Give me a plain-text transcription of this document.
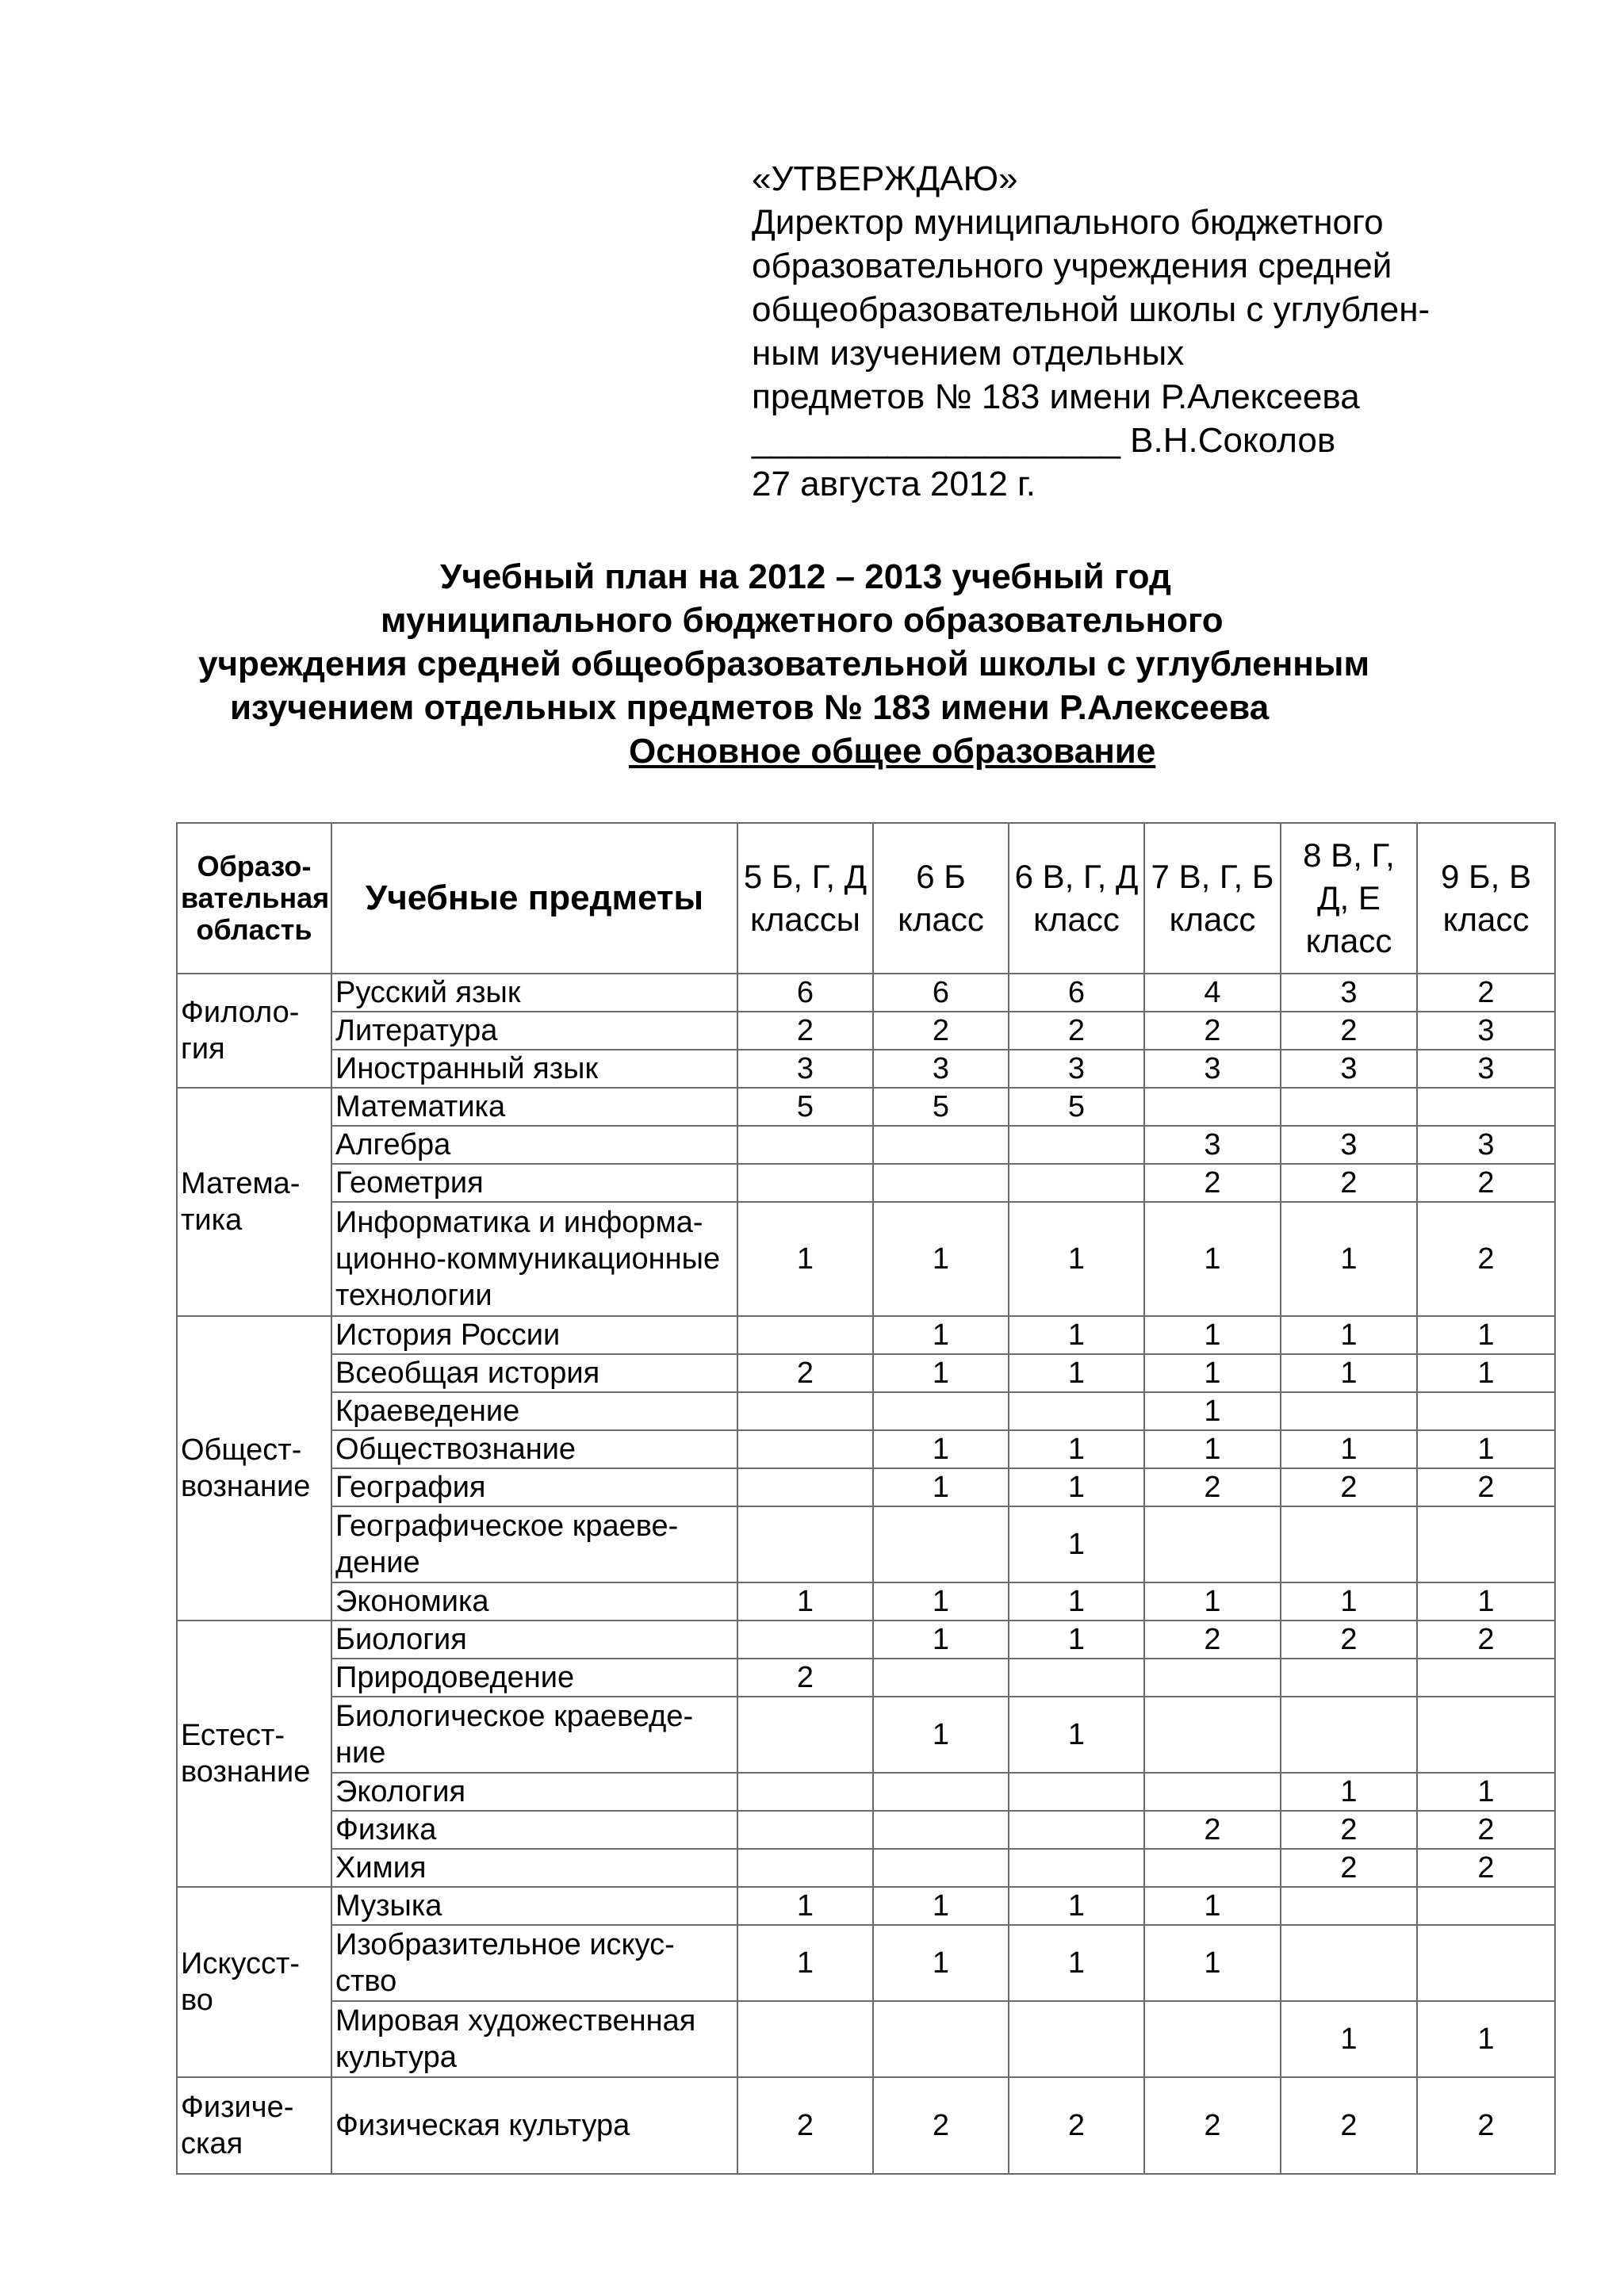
«УТВЕРЖДАЮ»
Директор муниципального бюджетного
образовательного учреждения средней
общеобразовательной школы с углублен-
ным изучением отдельных
предметов № 183 имени Р.Алексеева
___________________ В.Н.Соколов
27 августа 2012 г.
Учебный план на 2012 – 2013 учебный год
муниципального бюджетного образовательного
учреждения средней общеобразовательной школы с углубленным
изучением отдельных предметов № 183 имени Р.Алексеева
Основное общее образование
Образо-вательная область	Учебные предметы	5 Б, Г, Д классы	6 Б класс	6 В, Г, Д класс	7 В, Г, Б класс	8 В, Г, Д, Е класс	9 Б, В класс
Филоло-гия	Русский язык	6	6	6	4	3	2
	Литература	2	2	2	2	2	3
	Иностранный язык	3	3	3	3	3	3
Матема-тика	Математика	5	5	5			
	Алгебра				3	3	3
	Геометрия				2	2	2
	Информатика и информа-ционно-коммуникационные технологии	1	1	1	1	1	2
Общест-вознание	История России		1	1	1	1	1
	Всеобщая история	2	1	1	1	1	1
	Краеведение				1		
	Обществознание		1	1	1	1	1
	География		1	1	2	2	2
	Географическое краеве-дение			1			
	Экономика	1	1	1	1	1	1
Естест-вознание	Биология		1	1	2	2	2
	Природоведение	2					
	Биологическое краеведе-ние		1	1			
	Экология					1	1
	Физика				2	2	2
	Химия					2	2
Искусст-во	Музыка	1	1	1	1		
	Изобразительное искус-ство	1	1	1	1		
	Мировая художественная культура					1	1
Физиче-ская	Физическая культура	2	2	2	2	2	2
